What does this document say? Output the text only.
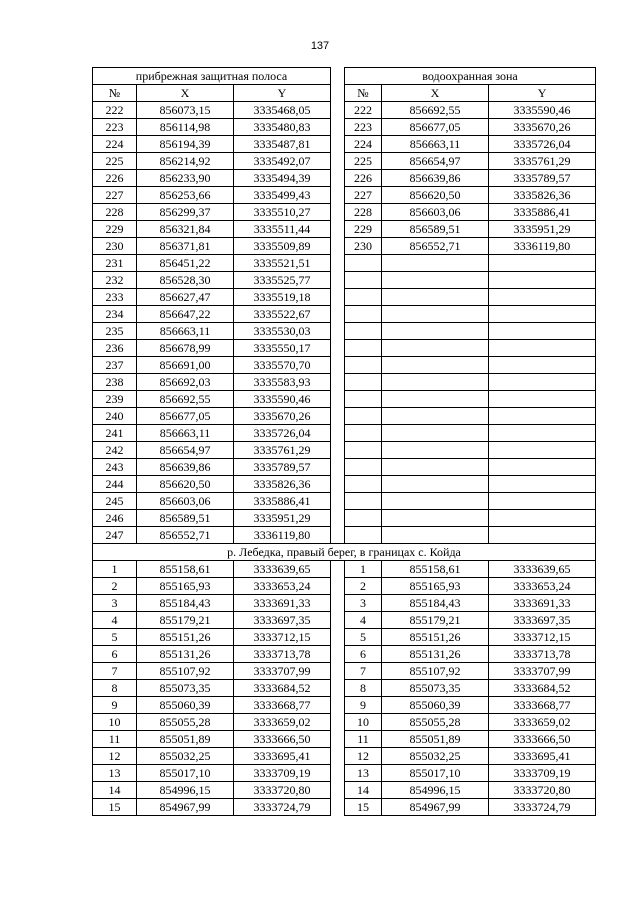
137
прибрежная защитная полоса				водоохранная зона		
№	X	Y		№	X	Y
222	856073,15	3335468,05		222	856692,55	3335590,46
223	856114,98	3335480,83		223	856677,05	3335670,26
224	856194,39	3335487,81		224	856663,11	3335726,04
225	856214,92	3335492,07		225	856654,97	3335761,29
226	856233,90	3335494,39		226	856639,86	3335789,57
227	856253,66	3335499,43		227	856620,50	3335826,36
228	856299,37	3335510,27		228	856603,06	3335886,41
229	856321,84	3335511,44		229	856589,51	3335951,29
230	856371,81	3335509,89		230	856552,71	3336119,80
231	856451,22	3335521,51				
232	856528,30	3335525,77				
233	856627,47	3335519,18				
234	856647,22	3335522,67				
235	856663,11	3335530,03				
236	856678,99	3335550,17				
237	856691,00	3335570,70				
238	856692,03	3335583,93				
239	856692,55	3335590,46				
240	856677,05	3335670,26				
241	856663,11	3335726,04				
242	856654,97	3335761,29				
243	856639,86	3335789,57				
244	856620,50	3335826,36				
245	856603,06	3335886,41				
246	856589,51	3335951,29				
247	856552,71	3336119,80				
р. Лебедка, правый берег, в границах с. Койда						
1	855158,61	3333639,65		1	855158,61	3333639,65
2	855165,93	3333653,24		2	855165,93	3333653,24
3	855184,43	3333691,33		3	855184,43	3333691,33
4	855179,21	3333697,35		4	855179,21	3333697,35
5	855151,26	3333712,15		5	855151,26	3333712,15
6	855131,26	3333713,78		6	855131,26	3333713,78
7	855107,92	3333707,99		7	855107,92	3333707,99
8	855073,35	3333684,52		8	855073,35	3333684,52
9	855060,39	3333668,77		9	855060,39	3333668,77
10	855055,28	3333659,02		10	855055,28	3333659,02
11	855051,89	3333666,50		11	855051,89	3333666,50
12	855032,25	3333695,41		12	855032,25	3333695,41
13	855017,10	3333709,19		13	855017,10	3333709,19
14	854996,15	3333720,80		14	854996,15	3333720,80
15	854967,99	3333724,79		15	854967,99	3333724,79
